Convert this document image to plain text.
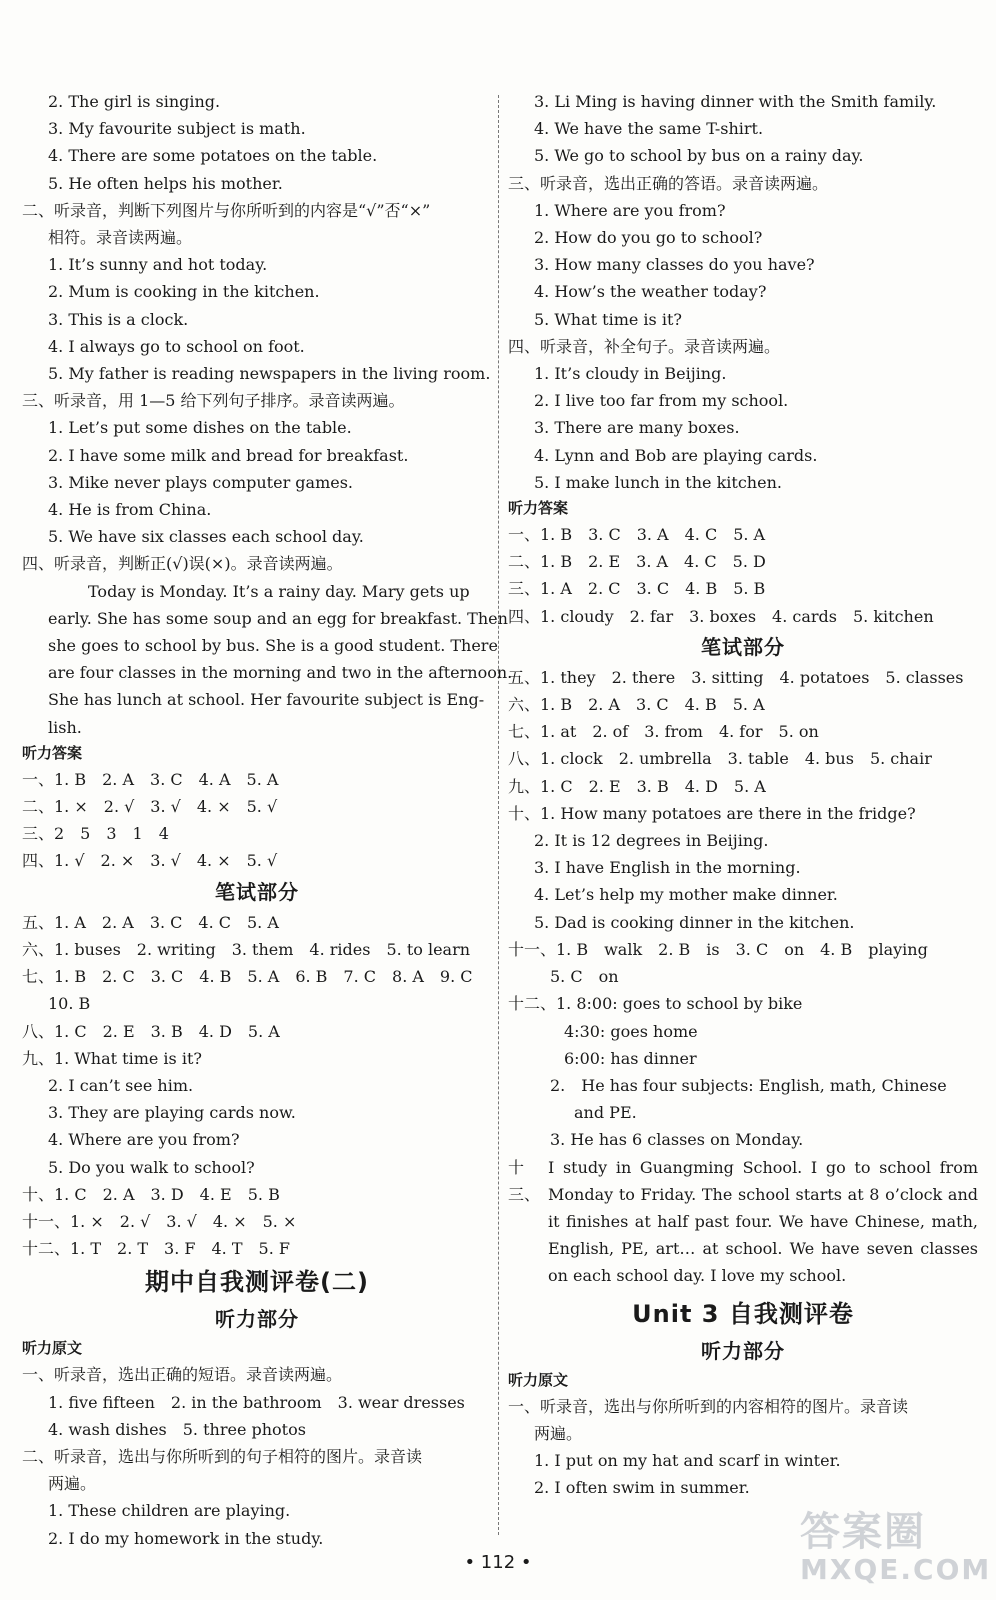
2. The girl is singing.
3. My favourite subject is math.
4. There are some potatoes on the table.
5. He often helps his mother.
二、听录音，判断下列图片与你所听到的内容是“√”否“×”
相符。录音读两遍。
1. It’s sunny and hot today.
2. Mum is cooking in the kitchen.
3. This is a clock.
4. I always go to school on foot.
5. My father is reading newspapers in the living room.
三、听录音，用 1—5 给下列句子排序。录音读两遍。
1. Let’s put some dishes on the table.
2. I have some milk and bread for breakfast.
3. Mike never plays computer games.
4. He is from China.
5. We have six classes each school day.
四、听录音，判断正(√)误(×)。录音读两遍。
Today is Monday. It’s a rainy day. Mary gets up
early. She has some soup and an egg for breakfast. Then
she goes to school by bus. She is a good student. There
are four classes in the morning and two in the afternoon.
She has lunch at school. Her favourite subject is Eng-
lish.
听力答案
一、1. B　2. A　3. C　4. A　5. A
二、1. ×　2. √　3. √　4. ×　5. √
三、2　5　3　1　4
四、1. √　2. ×　3. √　4. ×　5. √
笔试部分
五、1. A　2. A　3. C　4. C　5. A
六、1. buses　2. writing　3. them　4. rides　5. to learn
七、1. B　2. C　3. C　4. B　5. A　6. B　7. C　8. A　9. C
10. B
八、1. C　2. E　3. B　4. D　5. A
九、1. What time is it?
2. I can’t see him.
3. They are playing cards now.
4. Where are you from?
5. Do you walk to school?
十、1. C　2. A　3. D　4. E　5. B
十一、1. ×　2. √　3. √　4. ×　5. ×
十二、1. T　2. T　3. F　4. T　5. F
期中自我测评卷(二)
听力部分
听力原文
一、听录音，选出正确的短语。录音读两遍。
1. five fifteen　2. in the bathroom　3. wear dresses
4. wash dishes　5. three photos
二、听录音，选出与你所听到的句子相符的图片。录音读
两遍。
1. These children are playing.
2. I do my homework in the study.
3. Li Ming is having dinner with the Smith family.
4. We have the same T-shirt.
5. We go to school by bus on a rainy day.
三、听录音，选出正确的答语。录音读两遍。
1. Where are you from?
2. How do you go to school?
3. How many classes do you have?
4. How’s the weather today?
5. What time is it?
四、听录音，补全句子。录音读两遍。
1. It’s cloudy in Beijing.
2. I live too far from my school.
3. There are many boxes.
4. Lynn and Bob are playing cards.
5. I make lunch in the kitchen.
听力答案
一、1. B　3. C　3. A　4. C　5. A
二、1. B　2. E　3. A　4. C　5. D
三、1. A　2. C　3. C　4. B　5. B
四、1. cloudy　2. far　3. boxes　4. cards　5. kitchen
笔试部分
五、1. they　2. there　3. sitting　4. potatoes　5. classes
六、1. B　2. A　3. C　4. B　5. A
七、1. at　2. of　3. from　4. for　5. on
八、1. clock　2. umbrella　3. table　4. bus　5. chair
九、1. C　2. E　3. B　4. D　5. A
十、1. How many potatoes are there in the fridge?
2. It is 12 degrees in Beijing.
3. I have English in the morning.
4. Let’s help my mother make dinner.
5. Dad is cooking dinner in the kitchen.
十一、1. B　walk　2. B　is　3. C　on　4. B　playing
5. C　on
十二、1. 8:00: goes to school by bike
4:30: goes home
6:00: has dinner
2.　He has four subjects: English, math, Chinese
and PE.
3. He has 6 classes on Monday.
十三、
I study in Guangming School. I go to school from Monday to Friday. The school starts at 8 o’clock and it finishes at half past four. We have Chinese, math, English, PE, art… at school. We have seven classes on each school day. I love my school.
Unit 3 自我测评卷
听力部分
听力原文
一、听录音，选出与你所听到的内容相符的图片。录音读
两遍。
1. I put on my hat and scarf in winter.
2. I often swim in summer.
• 112 •
答案圈
MXQE.COM
